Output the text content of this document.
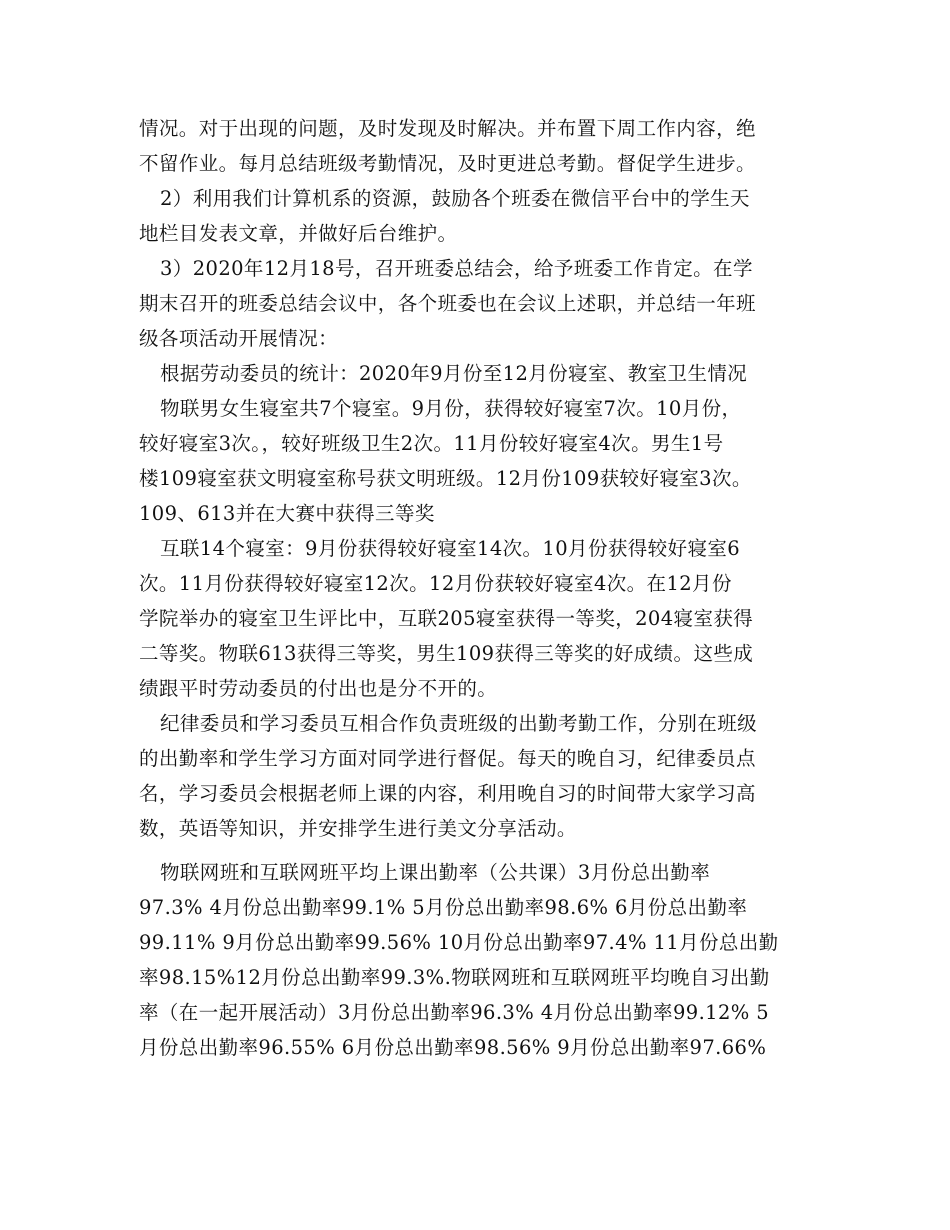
情况。对于出现的问题，及时发现及时解决。并布置下周工作内容，绝
不留作业。每月总结班级考勤情况，及时更进总考勤。督促学生进步。
2）利用我们计算机系的资源，鼓励各个班委在微信平台中的学生天
地栏目发表文章，并做好后台维护。
3）2020年12月18号，召开班委总结会，给予班委工作肯定。在学
期末召开的班委总结会议中，各个班委也在会议上述职，并总结一年班
级各项活动开展情况：
根据劳动委员的统计：2020年9月份至12月份寝室、教室卫生情况
物联男女生寝室共7个寝室。9月份，获得较好寝室7次。10月份，
较好寝室3次。，较好班级卫生2次。11月份较好寝室4次。男生1号
楼109寝室获文明寝室称号获文明班级。12月份109获较好寝室3次。
109、613并在大赛中获得三等奖
互联14个寝室：9月份获得较好寝室14次。10月份获得较好寝室6
次。11月份获得较好寝室12次。12月份获较好寝室4次。在12月份
学院举办的寝室卫生评比中，互联205寝室获得一等奖，204寝室获得
二等奖。物联613获得三等奖，男生109获得三等奖的好成绩。这些成
绩跟平时劳动委员的付出也是分不开的。
纪律委员和学习委员互相合作负责班级的出勤考勤工作，分别在班级
的出勤率和学生学习方面对同学进行督促。每天的晚自习，纪律委员点
名，学习委员会根据老师上课的内容，利用晚自习的时间带大家学习高
数，英语等知识，并安排学生进行美文分享活动。
物联网班和互联网班平均上课出勤率（公共课）3月份总出勤率
97.3% 4月份总出勤率99.1% 5月份总出勤率98.6% 6月份总出勤率
99.11% 9月份总出勤率99.56% 10月份总出勤率97.4% 11月份总出勤
率98.15%12月份总出勤率99.3%.物联网班和互联网班平均晚自习出勤
率（在一起开展活动）3月份总出勤率96.3% 4月份总出勤率99.12% 5
月份总出勤率96.55% 6月份总出勤率98.56% 9月份总出勤率97.66%
